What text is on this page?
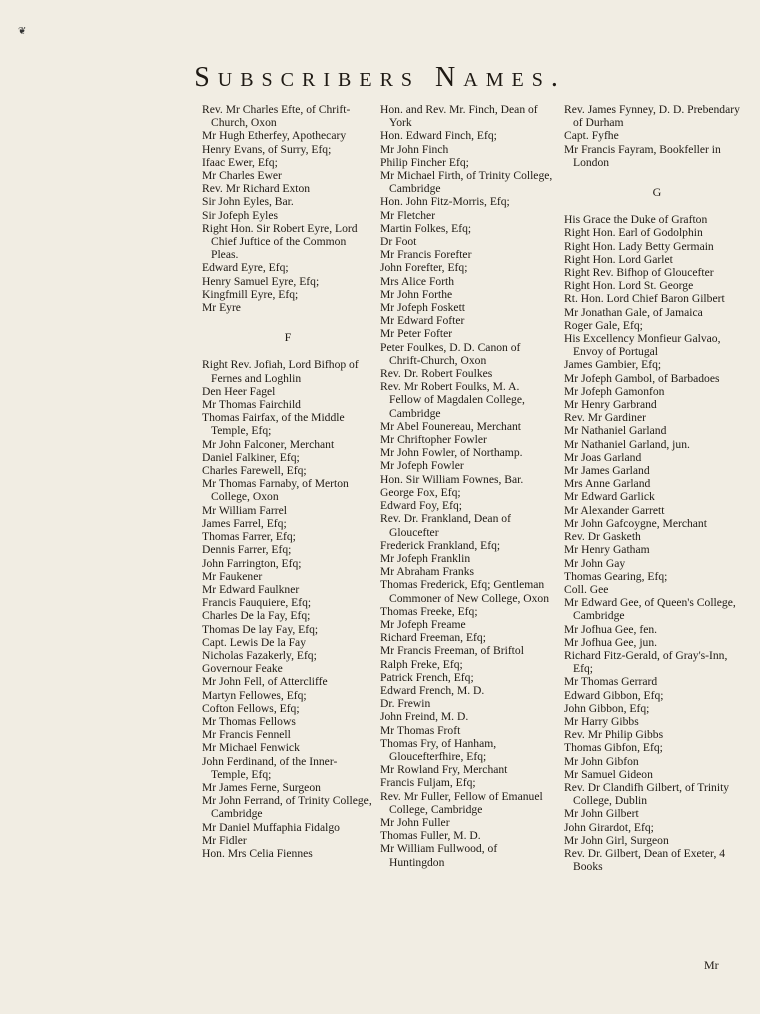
❦
Subscribers Names.
Rev. Mr Charles Efte, of Chrift-Church, Oxon
Mr Hugh Etherfey, Apothecary
Henry Evans, of Surry, Efq;
Ifaac Ewer, Efq;
Mr Charles Ewer
Rev. Mr Richard Exton
Sir John Eyles, Bar.
Sir Jofeph Eyles
Right Hon. Sir Robert Eyre, Lord Chief Juftice of the Common Pleas.
Edward Eyre, Efq;
Henry Samuel Eyre, Efq;
Kingfmill Eyre, Efq;
Mr Eyre
F
Right Rev. Jofiah, Lord Bifhop of Fernes and Loghlin
Den Heer Fagel
Mr Thomas Fairchild
Thomas Fairfax, of the Middle Temple, Efq;
Mr John Falconer, Merchant
Daniel Falkiner, Efq;
Charles Farewell, Efq;
Mr Thomas Farnaby, of Merton College, Oxon
Mr William Farrel
James Farrel, Efq;
Thomas Farrer, Efq;
Dennis Farrer, Efq;
John Farrington, Efq;
Mr Faukener
Mr Edward Faulkner
Francis Fauquiere, Efq;
Charles De la Fay, Efq;
Thomas De lay Fay, Efq;
Capt. Lewis De la Fay
Nicholas Fazakerly, Efq;
Governour Feake
Mr John Fell, of Attercliffe
Martyn Fellowes, Efq;
Cofton Fellows, Efq;
Mr Thomas Fellows
Mr Francis Fennell
Mr Michael Fenwick
John Ferdinand, of the Inner-Temple, Efq;
Mr James Ferne, Surgeon
Mr John Ferrand, of Trinity College, Cambridge
Mr Daniel Muffaphia Fidalgo
Mr Fidler
Hon. Mrs Celia Fiennes
Hon. and Rev. Mr. Finch, Dean of York
Hon. Edward Finch, Efq;
Mr John Finch
Philip Fincher Efq;
Mr Michael Firth, of Trinity College, Cambridge
Hon. John Fitz-Morris, Efq;
Mr Fletcher
Martin Folkes, Efq;
Dr Foot
Mr Francis Forefter
John Forefter, Efq;
Mrs Alice Forth
Mr John Forthe
Mr Jofeph Foskett
Mr Edward Fofter
Mr Peter Fofter
Peter Foulkes, D. D. Canon of Chrift-Church, Oxon
Rev. Dr. Robert Foulkes
Rev. Mr Robert Foulks, M. A. Fellow of Magdalen College, Cambridge
Mr Abel Founereau, Merchant
Mr Chriftopher Fowler
Mr John Fowler, of Northamp.
Mr Jofeph Fowler
Hon. Sir William Fownes, Bar.
George Fox, Efq;
Edward Foy, Efq;
Rev. Dr. Frankland, Dean of Gloucefter
Frederick Frankland, Efq;
Mr Jofeph Franklin
Mr Abraham Franks
Thomas Frederick, Efq; Gentleman Commoner of New College, Oxon
Thomas Freeke, Efq;
Mr Jofeph Freame
Richard Freeman, Efq;
Mr Francis Freeman, of Briftol
Ralph Freke, Efq;
Patrick French, Efq;
Edward French, M. D.
Dr. Frewin
John Freind, M. D.
Mr Thomas Froft
Thomas Fry, of Hanham, Gloucefterfhire, Efq;
Mr Rowland Fry, Merchant
Francis Fuljam, Efq;
Rev. Mr Fuller, Fellow of Emanuel College, Cambridge
Mr John Fuller
Thomas Fuller, M. D.
Mr William Fullwood, of Huntingdon
Rev. James Fynney, D. D. Prebendary of Durham
Capt. Fyfhe
Mr Francis Fayram, Bookfeller in London
G
His Grace the Duke of Grafton
Right Hon. Earl of Godolphin
Right Hon. Lady Betty Germain
Right Hon. Lord Garlet
Right Rev. Bifhop of Gloucefter
Right Hon. Lord St. George
Rt. Hon. Lord Chief Baron Gilbert
Mr Jonathan Gale, of Jamaica
Roger Gale, Efq;
His Excellency Monfieur Galvao, Envoy of Portugal
James Gambier, Efq;
Mr Jofeph Gambol, of Barbadoes
Mr Jofeph Gamonfon
Mr Henry Garbrand
Rev. Mr Gardiner
Mr Nathaniel Garland
Mr Nathaniel Garland, jun.
Mr Joas Garland
Mr James Garland
Mrs Anne Garland
Mr Edward Garlick
Mr Alexander Garrett
Mr John Gafcoygne, Merchant
Rev. Dr Gasketh
Mr Henry Gatham
Mr John Gay
Thomas Gearing, Efq;
Coll. Gee
Mr Edward Gee, of Queen's College, Cambridge
Mr Jofhua Gee, fen.
Mr Jofhua Gee, jun.
Richard Fitz-Gerald, of Gray's-Inn, Efq;
Mr Thomas Gerrard
Edward Gibbon, Efq;
John Gibbon, Efq;
Mr Harry Gibbs
Rev. Mr Philip Gibbs
Thomas Gibfon, Efq;
Mr John Gibfon
Mr Samuel Gideon
Rev. Dr Clandifh Gilbert, of Trinity College, Dublin
Mr John Gilbert
John Girardot, Efq;
Mr John Girl, Surgeon
Rev. Dr. Gilbert, Dean of Exeter, 4 Books
Mr
